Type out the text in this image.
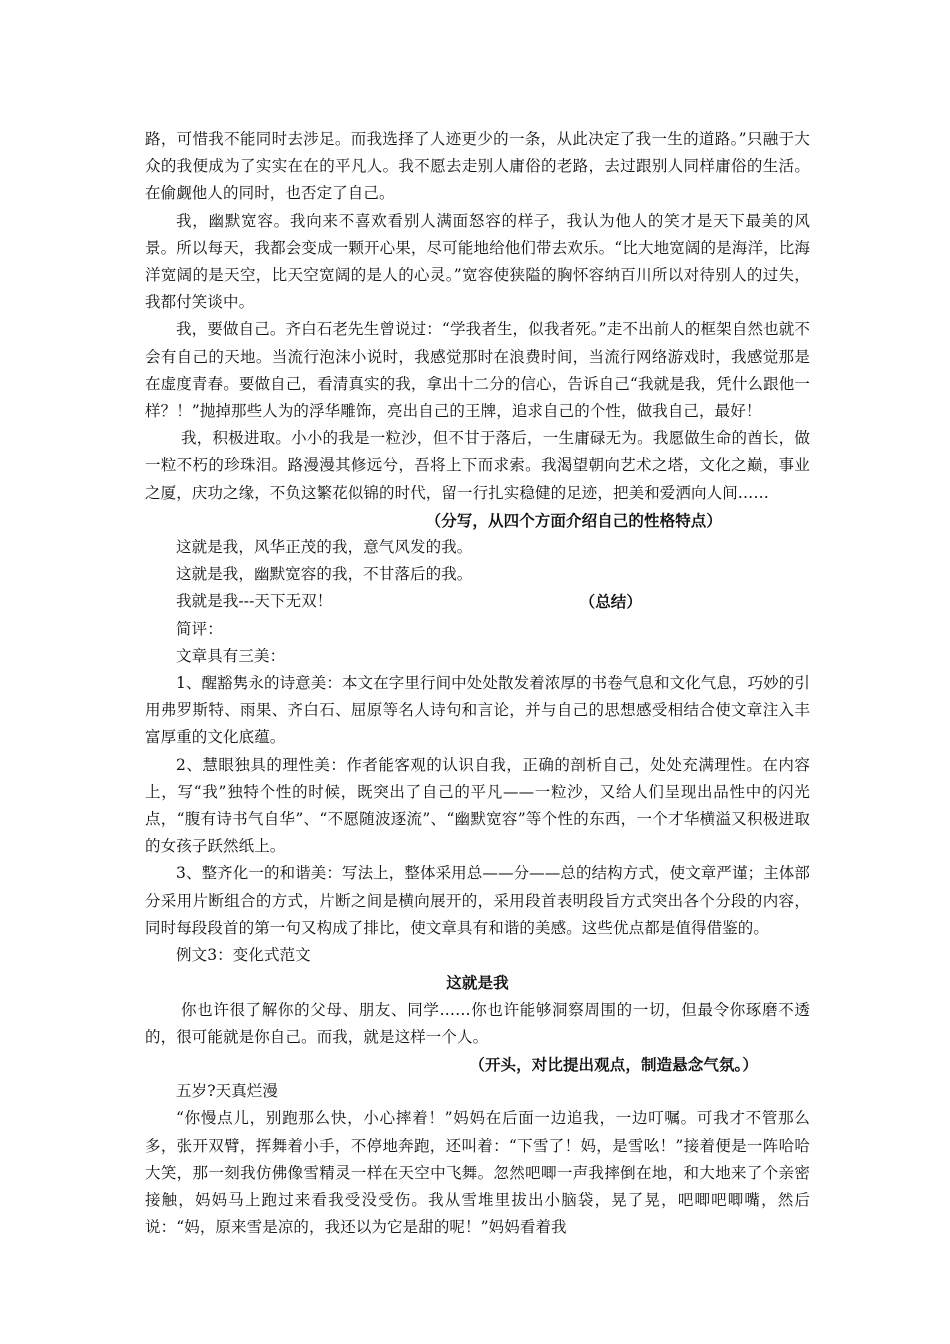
路，可惜我不能同时去涉足。而我选择了人迹更少的一条，从此决定了我一生的道路。”只融于大众的我便成为了实实在在的平凡人。我不愿去走别人庸俗的老路，去过跟别人同样庸俗的生活。在偷觑他人的同时，也否定了自己。

我，幽默宽容。我向来不喜欢看别人满面怒容的样子，我认为他人的笑才是天下最美的风景。所以每天，我都会变成一颗开心果，尽可能地给他们带去欢乐。“比大地宽阔的是海洋，比海洋宽阔的是天空，比天空宽阔的是人的心灵。”宽容使狭隘的胸怀容纳百川所以对待别人的过失，我都付笑谈中。

我，要做自己。齐白石老先生曾说过：“学我者生，似我者死。”走不出前人的框架自然也就不会有自己的天地。当流行泡沫小说时，我感觉那时在浪费时间，当流行网络游戏时，我感觉那是在虚度青春。要做自己，看清真实的我，拿出十二分的信心，告诉自己“我就是我，凭什么跟他一样？！”抛掉那些人为的浮华雕饰，亮出自己的王牌，追求自己的个性，做我自己，最好！

我，积极进取。小小的我是一粒沙，但不甘于落后，一生庸碌无为。我愿做生命的酋长，做一粒不朽的珍珠泪。路漫漫其修远兮，吾将上下而求索。我渴望朝向艺术之塔，文化之巅，事业之厦，庆功之缘，不负这繁花似锦的时代，留一行扎实稳健的足迹，把美和爱洒向人间……

（分写，从四个方面介绍自己的性格特点）

这就是我，风华正茂的我，意气风发的我。

这就是我，幽默宽容的我，不甘落后的我。

我就是我---天下无双！	（总结）

简评：

文章具有三美：

1、醒豁隽永的诗意美：本文在字里行间中处处散发着浓厚的书卷气息和文化气息，巧妙的引用弗罗斯特、雨果、齐白石、屈原等名人诗句和言论，并与自己的思想感受相结合使文章注入丰富厚重的文化底蕴。

2、慧眼独具的理性美：作者能客观的认识自我，正确的剖析自己，处处充满理性。在内容上，写“我”独特个性的时候，既突出了自己的平凡——一粒沙，又给人们呈现出品性中的闪光点，“腹有诗书气自华”、“不愿随波逐流”、“幽默宽容”等个性的东西，一个才华横溢又积极进取的女孩子跃然纸上。

3、整齐化一的和谐美：写法上，整体采用总——分——总的结构方式，使文章严谨；主体部分采用片断组合的方式，片断之间是横向展开的，采用段首表明段旨方式突出各个分段的内容，同时每段段首的第一句又构成了排比，使文章具有和谐的美感。这些优点都是值得借鉴的。

例文3：变化式范文

这就是我

你也许很了解你的父母、朋友、同学……你也许能够洞察周围的一切，但最令你琢磨不透的，很可能就是你自己。而我，就是这样一个人。

（开头，对比提出观点，制造悬念气氛。）

五岁?天真烂漫

“你慢点儿，别跑那么快，小心摔着！”妈妈在后面一边追我，一边叮嘱。可我才不管那么多，张开双臂，挥舞着小手，不停地奔跑，还叫着：“下雪了！妈，是雪吆！”接着便是一阵哈哈大笑，那一刻我仿佛像雪精灵一样在天空中飞舞。忽然吧唧一声我摔倒在地，和大地来了个亲密接触，妈妈马上跑过来看我受没受伤。我从雪堆里拔出小脑袋，晃了晃，吧唧吧唧嘴，然后说：“妈，原来雪是凉的，我还以为它是甜的呢！”妈妈看着我
